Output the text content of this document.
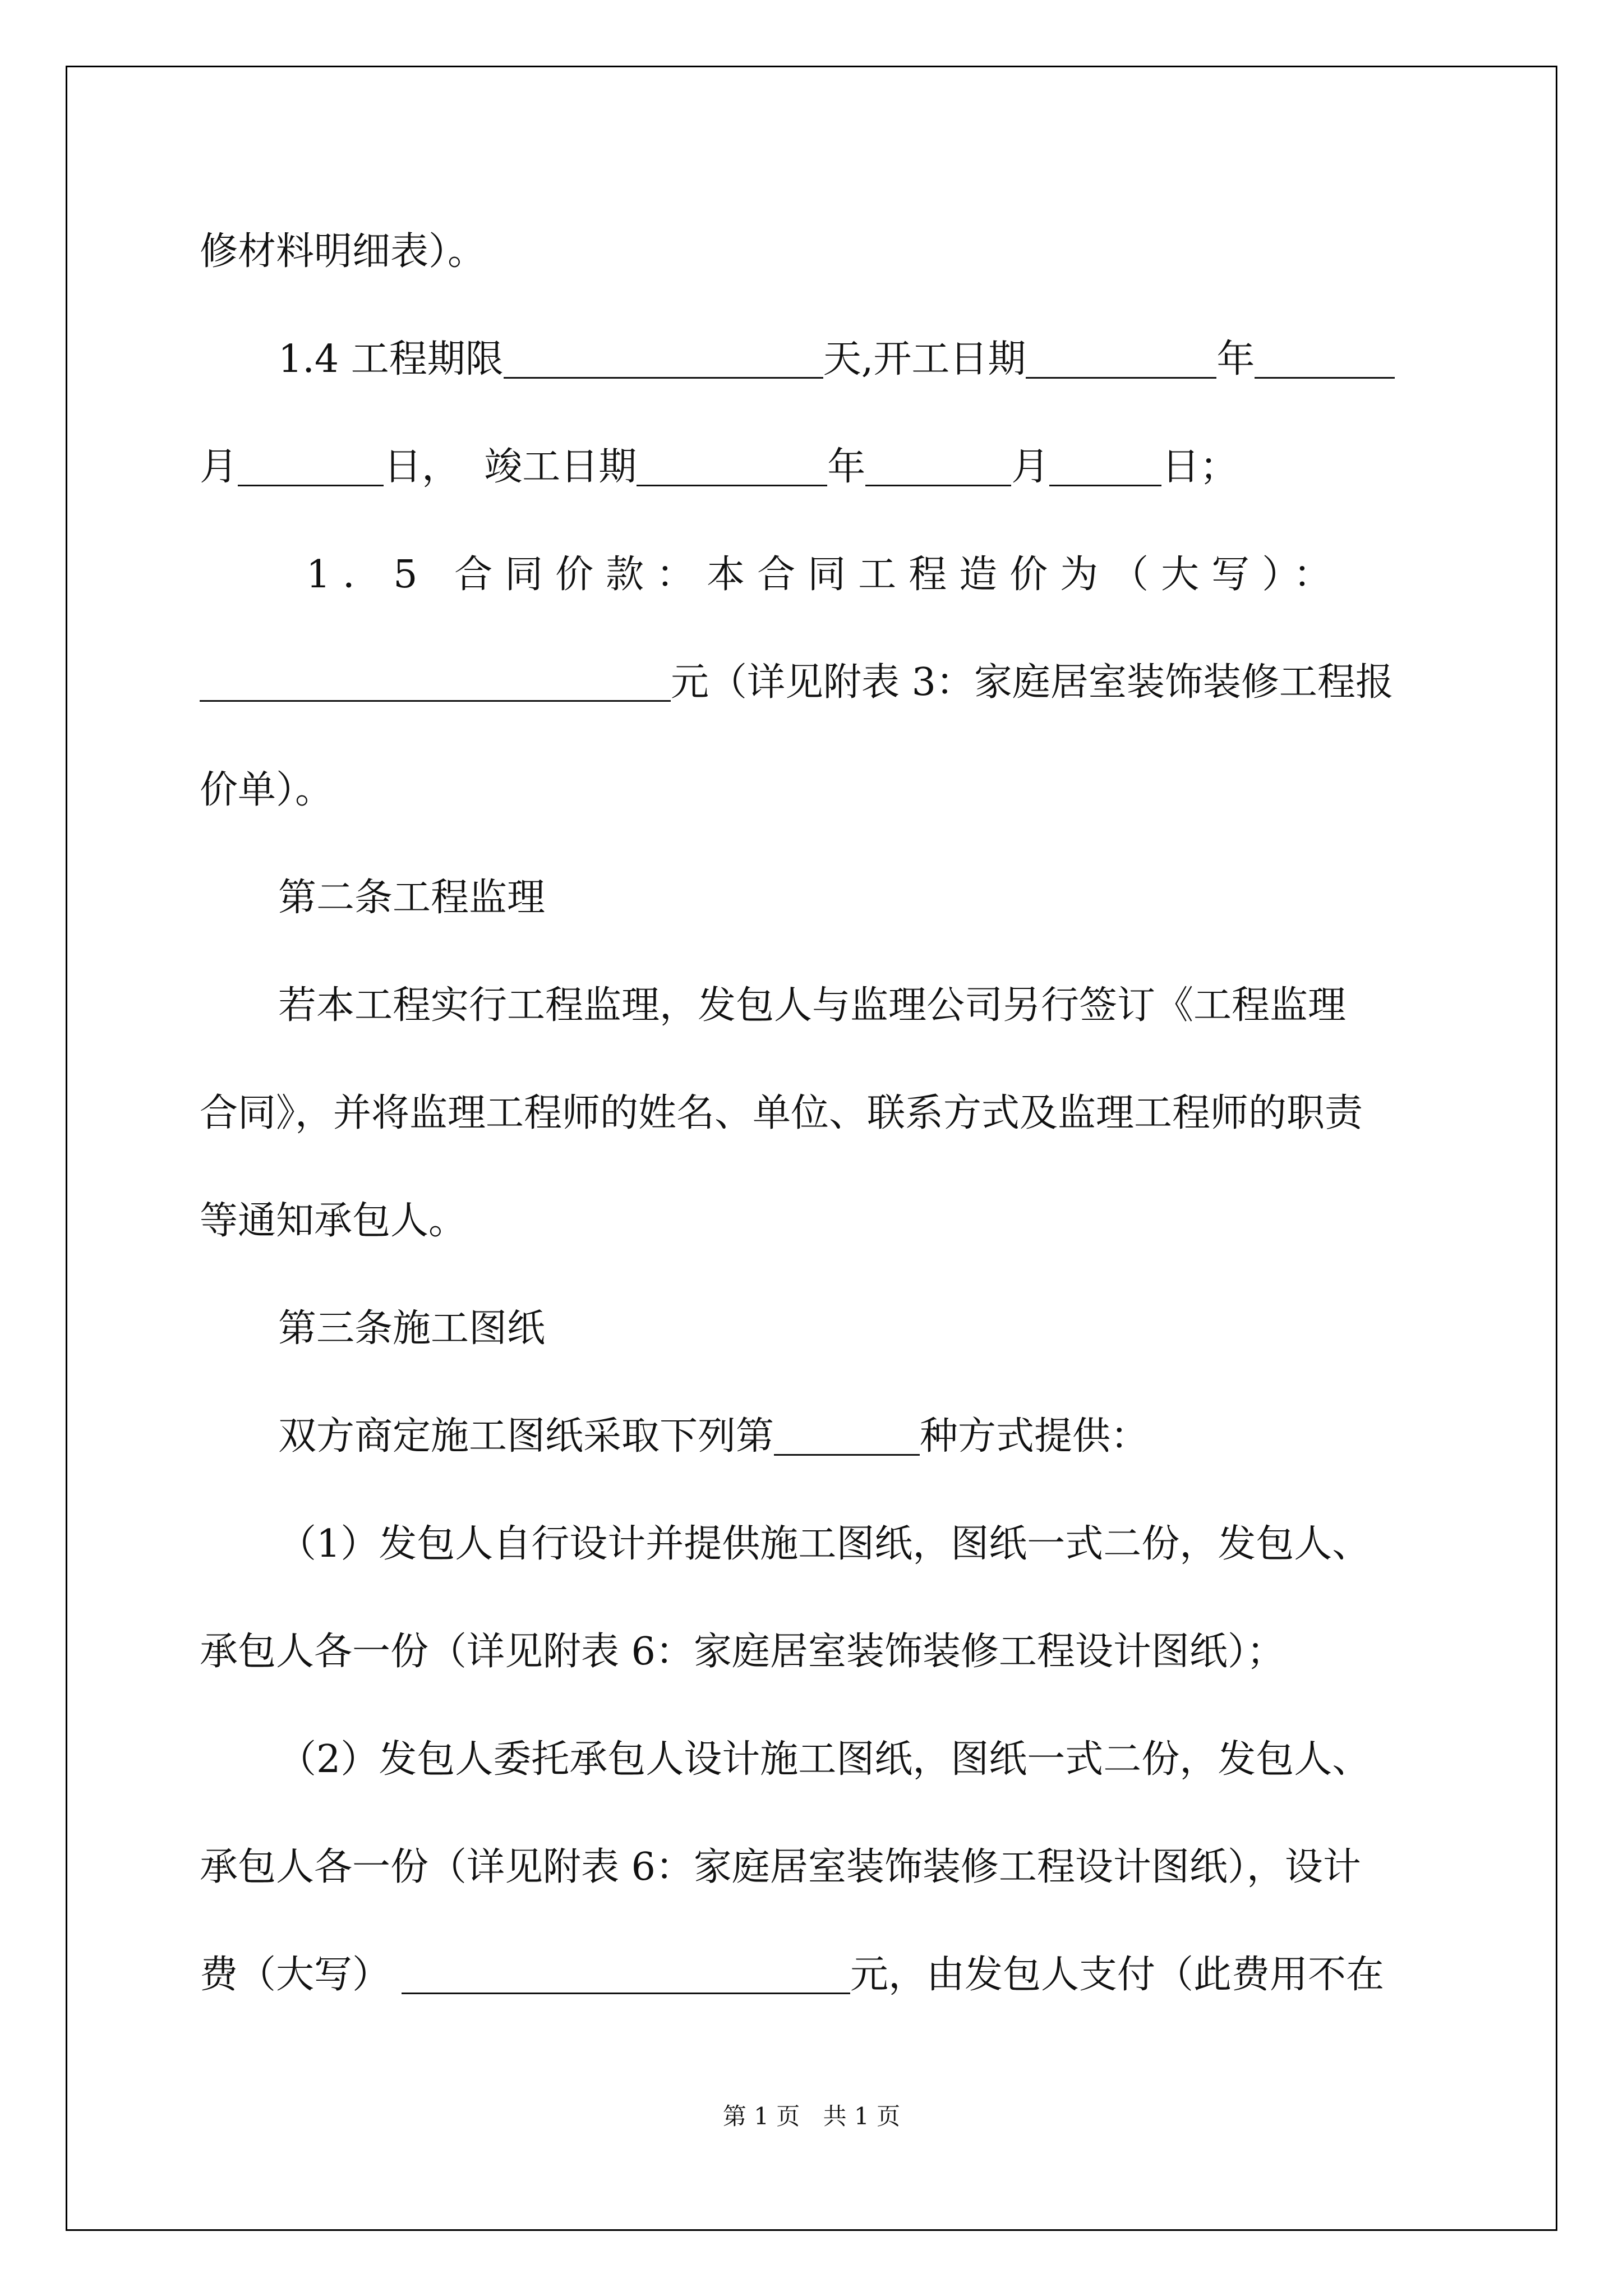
修材料明细表）。
1.4 工程期限	天,开工日期	年
月	日，  竣工日期	年	月	日；
1．5 合同价款：本合同工程造价为（大写）：
元（详见附表 3：家庭居室装饰装修工程报
价单）。
第二条工程监理
若本工程实行工程监理，发包人与监理公司另行签订《工程监理
合同》，并将监理工程师的姓名、单位、联系方式及监理工程师的职责
等通知承包人。
第三条施工图纸
双方商定施工图纸采取下列第	种方式提供：
（1）发包人自行设计并提供施工图纸，图纸一式二份，发包人、
承包人各一份（详见附表 6：家庭居室装饰装修工程设计图纸）；
（2）发包人委托承包人设计施工图纸，图纸一式二份，发包人、
承包人各一份（详见附表 6：家庭居室装饰装修工程设计图纸），设计
费（大写）	元，由发包人支付（此费用不在
第 1 页 共 1 页
